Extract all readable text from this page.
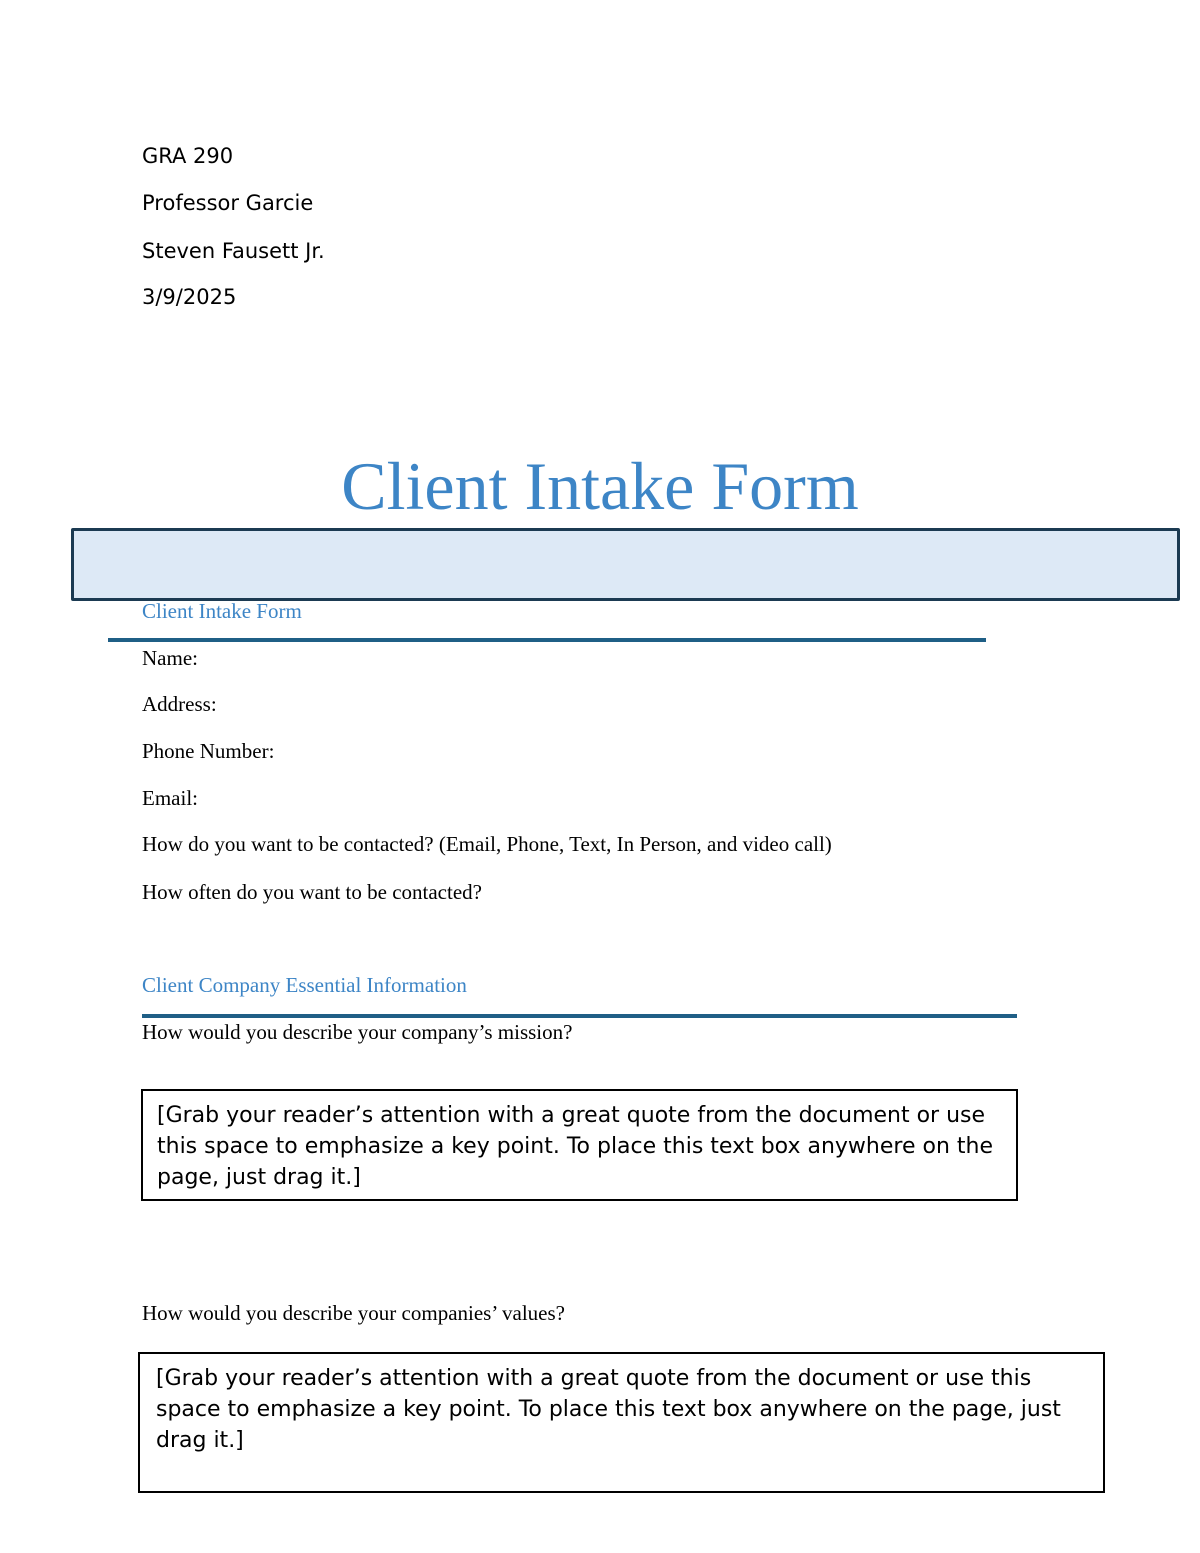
GRA 290
Professor Garcie
Steven Fausett Jr.
3/9/2025
Client Intake Form
Client Intake Form
Name:
Address:
Phone Number:
Email:
How do you want to be contacted? (Email, Phone, Text, In Person, and video call)
How often do you want to be contacted?
Client Company Essential Information
How would you describe your company’s mission?
[Grab your reader’s attention with a great quote from the document or use this space to emphasize a key point. To place this text box anywhere on the page, just drag it.]
How would you describe your companies’ values?
[Grab your reader’s attention with a great quote from the document or use this space to emphasize a key point. To place this text box anywhere on the page, just drag it.]
